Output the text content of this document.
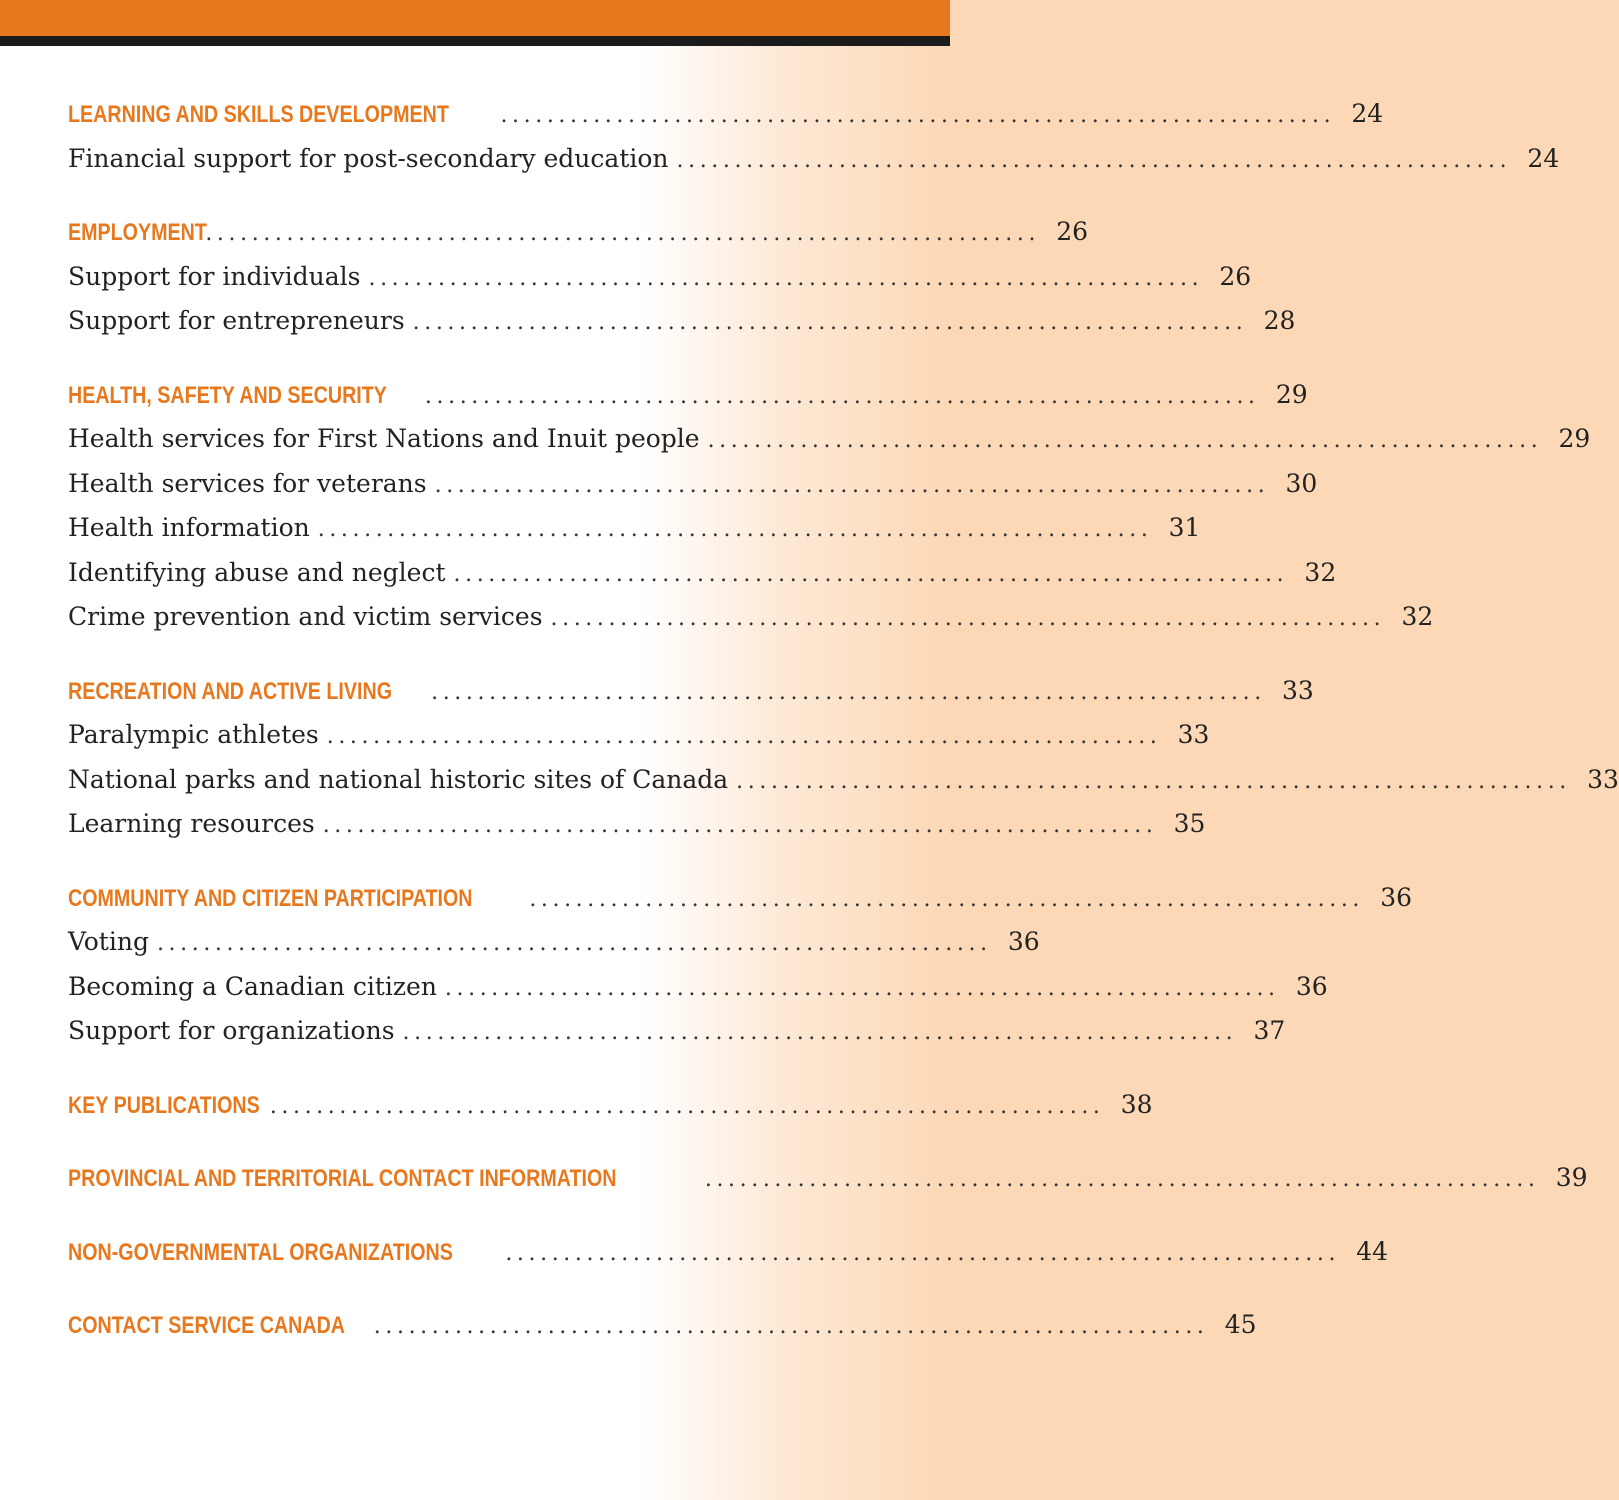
LEARNING AND SKILLS DEVELOPMENT ........................................................................ 24
Financial support for post-secondary education ........................................................................ 24
EMPLOYMENT
........................................................................ 26
Support for individuals ........................................................................ 26
Support for entrepreneurs ........................................................................ 28
HEALTH, SAFETY AND SECURITY ........................................................................ 29
Health services for First Nations and Inuit people ........................................................................ 29
Health services for veterans ........................................................................ 30
Health information ........................................................................ 31
Identifying abuse and neglect ........................................................................ 32
Crime prevention and victim services ........................................................................ 32
RECREATION AND ACTIVE LIVING ........................................................................ 33
Paralympic athletes ........................................................................ 33
National parks and national historic sites of Canada ........................................................................ 33
Learning resources ........................................................................ 35
COMMUNITY AND CITIZEN PARTICIPATION	........................................................................ 36
Voting ........................................................................ 36
Becoming a Canadian citizen ........................................................................ 36
Support for organizations ........................................................................ 37
KEY PUBLICATIONS ........................................................................ 38
PROVINCIAL AND TERRITORIAL CONTACT INFORMATION	........................................................................ 39
NON-GOVERNMENTAL ORGANIZATIONS ........................................................................ 44
CONTACT SERVICE CANADA ........................................................................ 45
